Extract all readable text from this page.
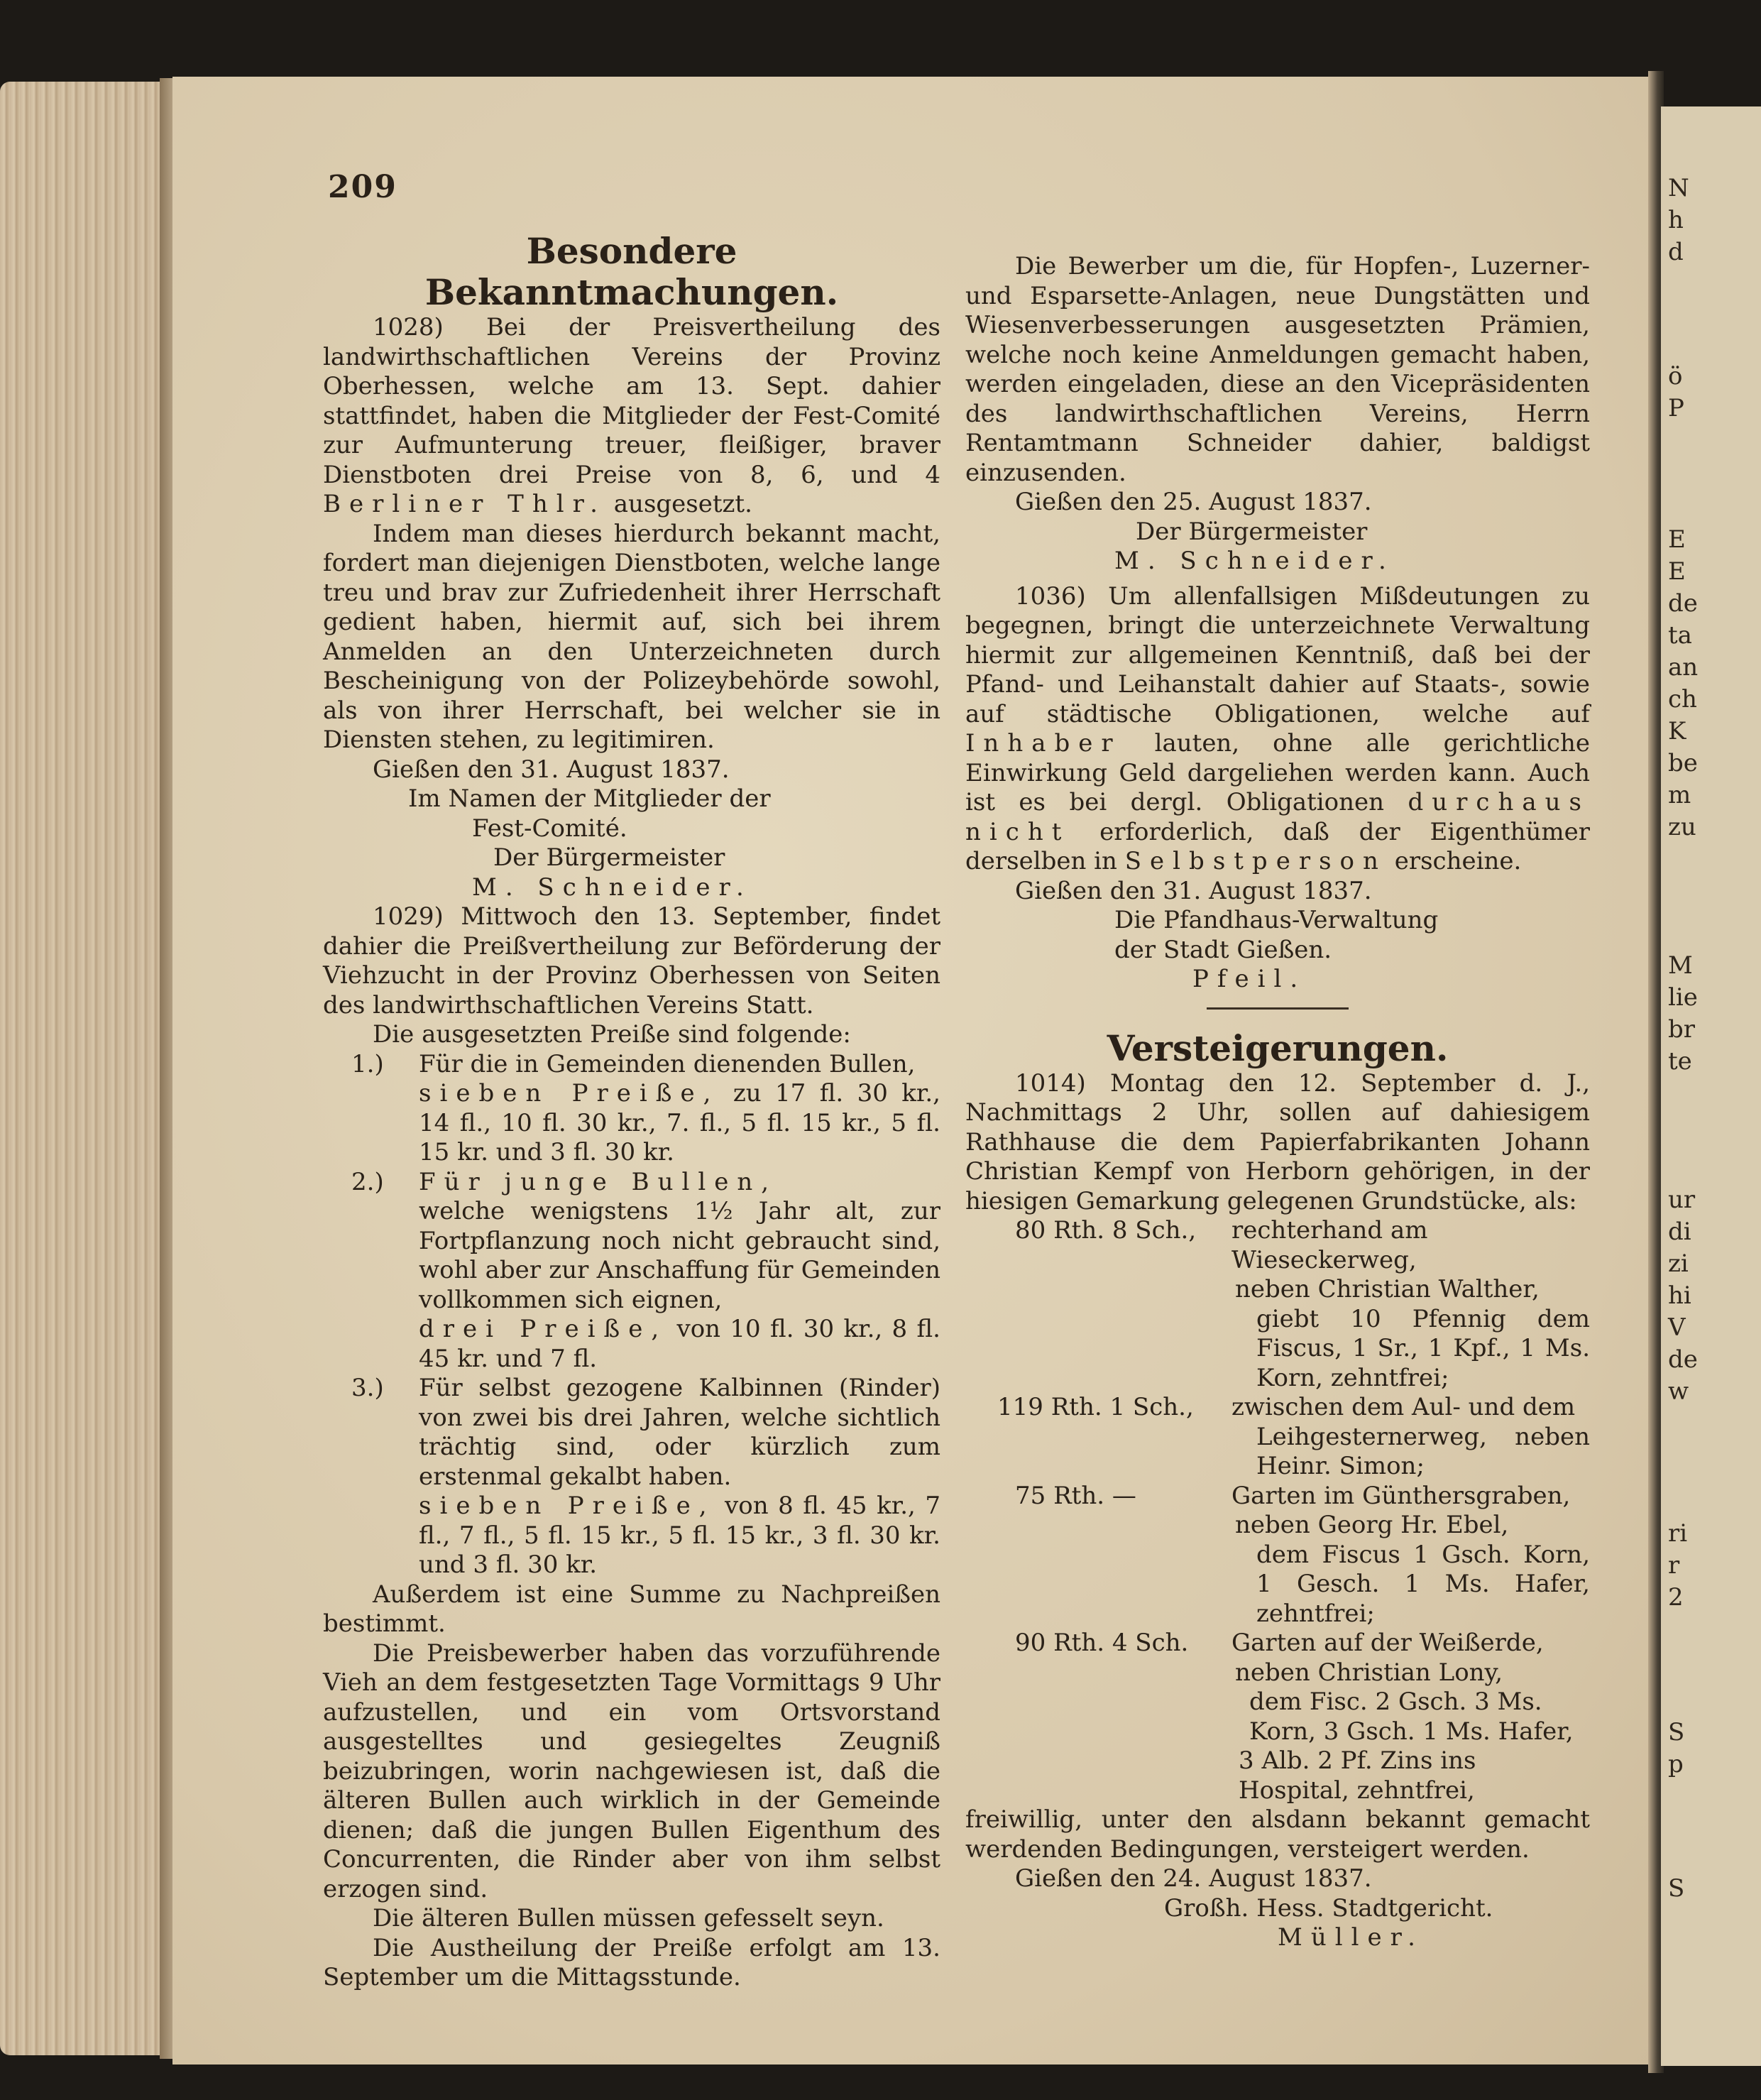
N
h
d
ö
P
E
E
de
ta
an
ch
K
be
m
zu
M
lie
br
te
ur
di
zi
hi
V
de
w
ri
r
2
S
p
S
209

Besondere Bekanntmachungen.

1028) Bei der Preisvertheilung des landwirthschaftlichen Vereins der Provinz Oberhessen, welche am 13. Sept. dahier stattfindet, haben die Mitglieder der Fest-Comité zur Aufmunterung treuer, fleißiger, braver Dienstboten drei Preise von 8, 6, und 4 Berliner Thlr. ausgesetzt.

Indem man dieses hierdurch bekannt macht, fordert man diejenigen Dienstboten, welche lange treu und brav zur Zufriedenheit ihrer Herrschaft gedient haben, hiermit auf, sich bei ihrem Anmelden an den Unterzeichneten durch Bescheinigung von der Polizeybehörde sowohl, als von ihrer Herrschaft, bei welcher sie in Diensten stehen, zu legitimiren.

Gießen den 31. August 1837.

Im Namen der Mitglieder der

Fest-Comité.

Der Bürgermeister

M. Schneider.

1029) Mittwoch den 13. September, findet dahier die Preißvertheilung zur Beförderung der Viehzucht in der Provinz Oberhessen von Seiten des landwirthschaftlichen Vereins Statt.

Die ausgesetzten Preiße sind folgende:

1.)	Für die in Gemeinden dienenden Bullen,

sieben Preiße, zu 17 fl. 30 kr., 14 fl., 10 fl. 30 kr., 7. fl., 5 fl. 15 kr., 5 fl. 15 kr. und 3 fl. 30 kr.

2.)	Für junge Bullen,

welche wenigstens 1½ Jahr alt, zur Fortpflanzung noch nicht gebraucht sind, wohl aber zur Anschaffung für Gemeinden vollkommen sich eignen,

drei Preiße, von 10 fl. 30 kr., 8 fl. 45 kr. und 7 fl.

3.)	Für selbst gezogene Kalbinnen (Rinder) von zwei bis drei Jahren, welche sichtlich trächtig sind, oder kürzlich zum erstenmal gekalbt haben.

sieben Preiße, von 8 fl. 45 kr., 7 fl., 7 fl., 5 fl. 15 kr., 5 fl. 15 kr., 3 fl. 30 kr. und 3 fl. 30 kr.

Außerdem ist eine Summe zu Nachpreißen bestimmt.

Die Preisbewerber haben das vorzuführende Vieh an dem festgesetzten Tage Vormittags 9 Uhr aufzustellen, und ein vom Ortsvorstand ausgestelltes und gesiegeltes Zeugniß beizubringen, worin nachgewiesen ist, daß die älteren Bullen auch wirklich in der Gemeinde dienen; daß die jungen Bullen Eigenthum des Concurrenten, die Rinder aber von ihm selbst erzogen sind.

Die älteren Bullen müssen gefesselt seyn.

Die Austheilung der Preiße erfolgt am 13. September um die Mittagsstunde.

Die Bewerber um die, für Hopfen-, Luzerner- und Esparsette-Anlagen, neue Dungstätten und Wiesenverbesserungen ausgesetzten Prämien, welche noch keine Anmeldungen gemacht haben, werden eingeladen, diese an den Vicepräsidenten des landwirthschaftlichen Vereins, Herrn Rentamtmann Schneider dahier, baldigst einzusenden.

Gießen den 25. August 1837.

Der Bürgermeister

M. Schneider.

1036) Um allenfallsigen Mißdeutungen zu begegnen, bringt die unterzeichnete Verwaltung hiermit zur allgemeinen Kenntniß, daß bei der Pfand- und Leihanstalt dahier auf Staats-, sowie auf städtische Obligationen, welche auf Inhaber lauten, ohne alle gerichtliche Einwirkung Geld dargeliehen werden kann. Auch ist es bei dergl. Obligationen durchaus nicht erforderlich, daß der Eigenthümer derselben in Selbstperson erscheine.

Gießen den 31. August 1837.

Die Pfandhaus-Verwaltung

der Stadt Gießen.

Pfeil.

Versteigerungen.

1014) Montag den 12. September d. J., Nachmittags 2 Uhr, sollen auf dahiesigem Rathhause die dem Papierfabrikanten Johann Christian Kempf von Herborn gehörigen, in der hiesigen Gemarkung gelegenen Grundstücke, als:

80 Rth. 8 Sch.,	rechterhand am Wieseckerweg,

neben Christian Walther,

giebt 10 Pfennig dem Fiscus, 1 Sr., 1 Kpf., 1 Ms. Korn, zehntfrei;

119 Rth. 1 Sch.,	zwischen dem Aul- und dem

Leihgesternerweg, neben Heinr. Simon;

75 Rth. —	Garten im Günthersgraben,

neben Georg Hr. Ebel,

dem Fiscus 1 Gsch. Korn, 1 Gesch. 1 Ms. Hafer, zehntfrei;

90 Rth. 4 Sch.	Garten auf der Weißerde,

neben Christian Lony,

dem Fisc. 2 Gsch. 3 Ms. Korn, 3 Gsch. 1 Ms. Hafer,

3 Alb. 2 Pf. Zins ins Hospital, zehntfrei,

freiwillig, unter den alsdann bekannt gemacht werdenden Bedingungen, versteigert werden.

Gießen den 24. August 1837.

Großh. Hess. Stadtgericht.

Müller.
